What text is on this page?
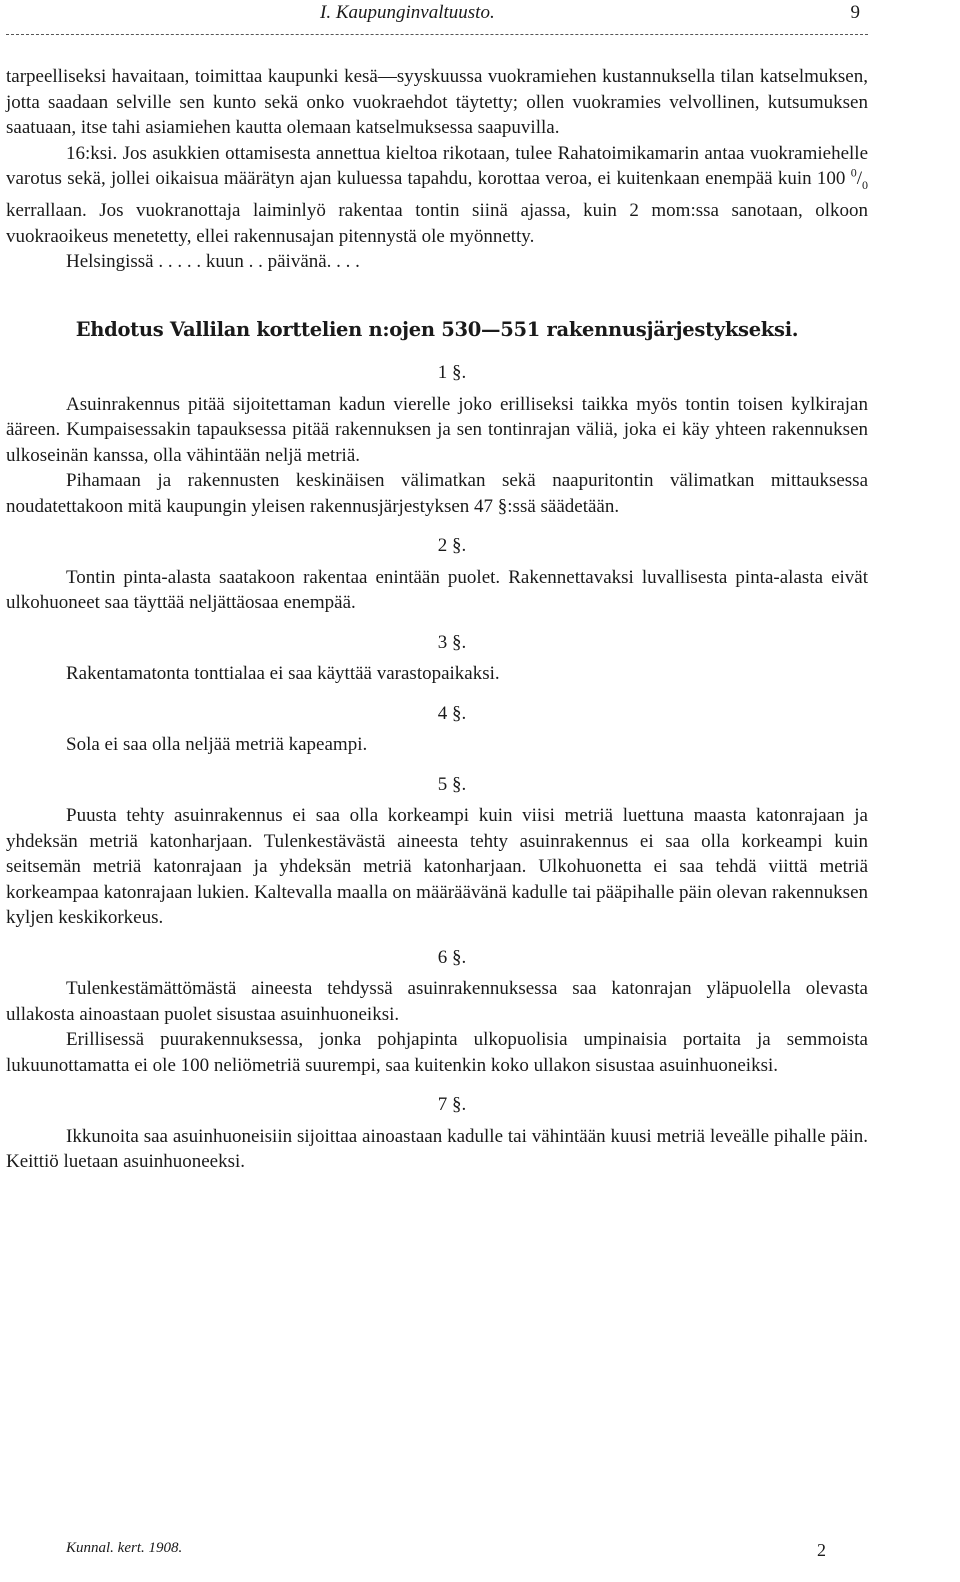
I. Kaupunginvaltuusto.	9

tarpeelliseksi havaitaan, toimittaa kaupunki kesä—syyskuussa vuokramiehen kustannuksella tilan katselmuksen, jotta saadaan selville sen kunto sekä onko vuokraehdot täytetty; ollen vuokramies velvollinen, kutsumuksen saatuaan, itse tahi asiamiehen kautta olemaan katselmuksessa saapuvilla.

16:ksi. Jos asukkien ottamisesta annettua kieltoa rikotaan, tulee Rahatoimikamarin antaa vuokramiehelle varotus sekä, jollei oikaisua määrätyn ajan kuluessa tapahdu, korottaa veroa, ei kuitenkaan enempää kuin 100 $^0/_0$ kerrallaan. Jos vuokranottaja laiminlyö rakentaa tontin siinä ajassa, kuin 2 mom:ssa sanotaan, olkoon vuokraoikeus menetetty, ellei rakennusajan pitennystä ole myönnetty.

Helsingissä . . . . . kuun . . päivänä. . . .

Ehdotus Vallilan korttelien n:ojen 530—551 rakennusjärjestykseksi.
1 §.

Asuinrakennus pitää sijoitettaman kadun vierelle joko erilliseksi taikka myös tontin toisen kylkirajan ääreen. Kumpaisessakin tapauksessa pitää rakennuksen ja sen tontinrajan väliä, joka ei käy yhteen rakennuksen ulkoseinän kanssa, olla vähintään neljä metriä.

Pihamaan ja rakennusten keskinäisen välimatkan sekä naapuritontin välimatkan mittauksessa noudatettakoon mitä kaupungin yleisen rakennusjärjestyksen 47 §:ssä säädetään.

2 §.

Tontin pinta-alasta saatakoon rakentaa enintään puolet. Rakennettavaksi luvallisesta pinta-alasta eivät ulkohuoneet saa täyttää neljättäosaa enempää.

3 §.

Rakentamatonta tonttialaa ei saa käyttää varastopaikaksi.

4 §.

Sola ei saa olla neljää metriä kapeampi.

5 §.

Puusta tehty asuinrakennus ei saa olla korkeampi kuin viisi metriä luettuna maasta katonrajaan ja yhdeksän metriä katonharjaan. Tulenkestävästä aineesta tehty asuinrakennus ei saa olla korkeampi kuin seitsemän metriä katonrajaan ja yhdeksän metriä katonharjaan. Ulkohuonetta ei saa tehdä viittä metriä korkeampaa katonrajaan lukien. Kaltevalla maalla on määräävänä kadulle tai pääpihalle päin olevan rakennuksen kyljen keskikorkeus.

6 §.

Tulenkestämättömästä aineesta tehdyssä asuinrakennuksessa saa katonrajan yläpuolella olevasta ullakosta ainoastaan puolet sisustaa asuinhuoneiksi.

Erillisessä puurakennuksessa, jonka pohjapinta ulkopuolisia umpinaisia portaita ja semmoista lukuunottamatta ei ole 100 neliömetriä suurempi, saa kuitenkin koko ullakon sisustaa asuinhuoneiksi.

7 §.

Ikkunoita saa asuinhuoneisiin sijoittaa ainoastaan kadulle tai vähintään kuusi metriä leveälle pihalle päin. Keittiö luetaan asuinhuoneeksi.

Kunnal. kert. 1908.	2
